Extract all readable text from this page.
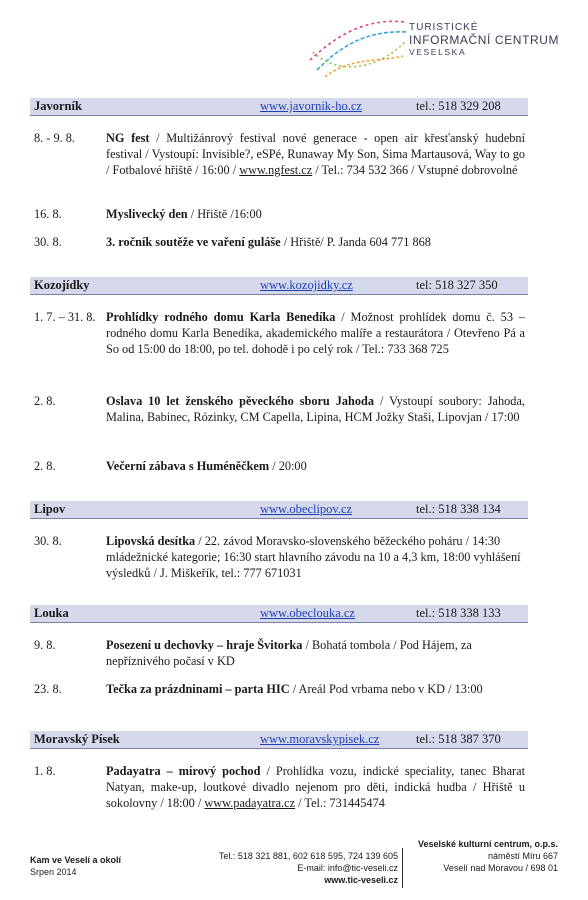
TURISTICKÉ
INFORMAČNÍ CENTRUM
VESELSKA
Javorník	www.javornik-ho.cz	tel.: 518 329 208
8. - 9. 8.	NG fest / Multižánrový festival nové generace - open air křesťanský hudební festival / Vystoupí: Invisible?, eSPé, Runaway My Son, Sima Martausová, Way to go / Fotbalové hřiště / 16:00 / www.ngfest.cz / Tel.: 734 532 366 / Vstupné dobrovolné
16. 8.	Myslivecký den / Hřiště /16:00
30. 8.	3. ročník soutěže ve vaření guláše / Hřiště/ P. Janda 604 771 868
Kozojídky	www.kozojidky.cz	tel: 518 327 350
1. 7. – 31. 8. Prohlídky rodného domu Karla Benedíka / Možnost prohlídek domu č. 53 – rodného domu Karla Benedíka, akademického malíře a restaurátora / Otevřeno Pá a So od 15:00 do 18:00, po tel. dohodě i po celý rok / Tel.: 733 368 725
2. 8.	Oslava 10 let ženského pěveckého sboru Jahoda / Vystoupí soubory: Jahoda, Malina, Babinec, Rózinky, CM Capella, Lipina, HCM Jožky Staši, Lipovjan / 17:00
2. 8.	Večerní zábava s Huméněčkem / 20:00
Lipov	www.obeclipov.cz	tel.: 518 338 134
30. 8.	Lipovská desítka / 22. závod Moravsko-slovenského běžeckého poháru / 14:30 mládežnické kategorie; 16:30 start hlavního závodu na 10 a 4,3 km, 18:00 vyhlášení výsledků / J. Miškeřík, tel.: 777 671031
Louka	www.obeclouka.cz	tel.: 518 338 133
9. 8.	Posezení u dechovky – hraje Švitorka / Bohatá tombola / Pod Hájem, za nepříznivého počasí v KD
23. 8.	Tečka za prázdninami – parta HIC / Areál Pod vrbama nebo v KD / 13:00
Moravský Písek	www.moravskypisek.cz	tel.: 518 387 370
1. 8.	Padayatra – mírový pochod / Prohlídka vozu, indické speciality, tanec Bharat Natyan, make-up, loutkové divadlo nejenom pro děti, indická hudba / Hřiště u sokolovny / 18:00 / www.padayatra.cz / Tel.: 731445474
Kam ve Veselí a okolí
Srpen 2014
Tel.: 518 321 881, 602 618 595, 724 139 605
E-mail: info@tic-veseli.cz
www.tic-veseli.cz
Veselské kulturní centrum, o.p.s.
náměstí Míru 667
Veselí nad Moravou / 698 01
